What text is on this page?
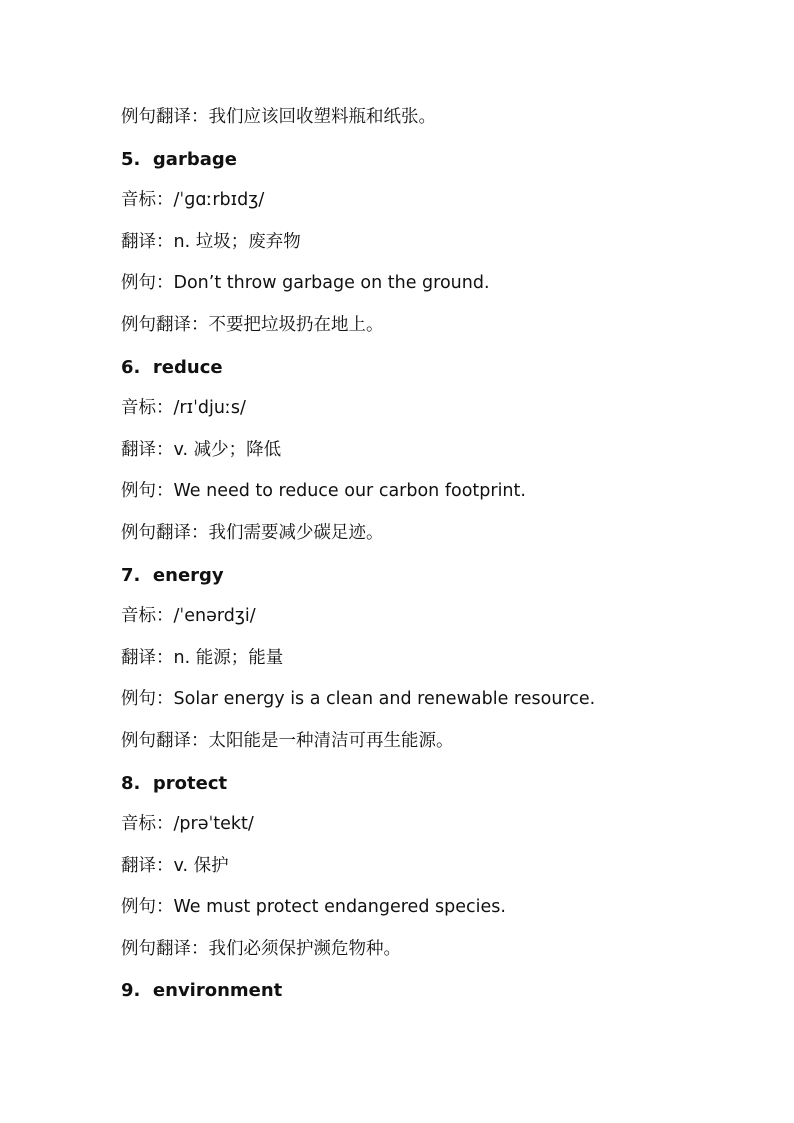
例句翻译：我们应该回收塑料瓶和纸张。
5. garbage
音标：/ˈɡɑːrbɪdʒ/
翻译：n. 垃圾；废弃物
例句：Don’t throw garbage on the ground.
例句翻译：不要把垃圾扔在地上。
6. reduce
音标：/rɪˈdjuːs/
翻译：v. 减少；降低
例句：We need to reduce our carbon footprint.
例句翻译：我们需要减少碳足迹。
7. energy
音标：/ˈenərdʒi/
翻译：n. 能源；能量
例句：Solar energy is a clean and renewable resource.
例句翻译：太阳能是一种清洁可再生能源。
8. protect
音标：/prəˈtekt/
翻译：v. 保护
例句：We must protect endangered species.
例句翻译：我们必须保护濒危物种。
9. environment
